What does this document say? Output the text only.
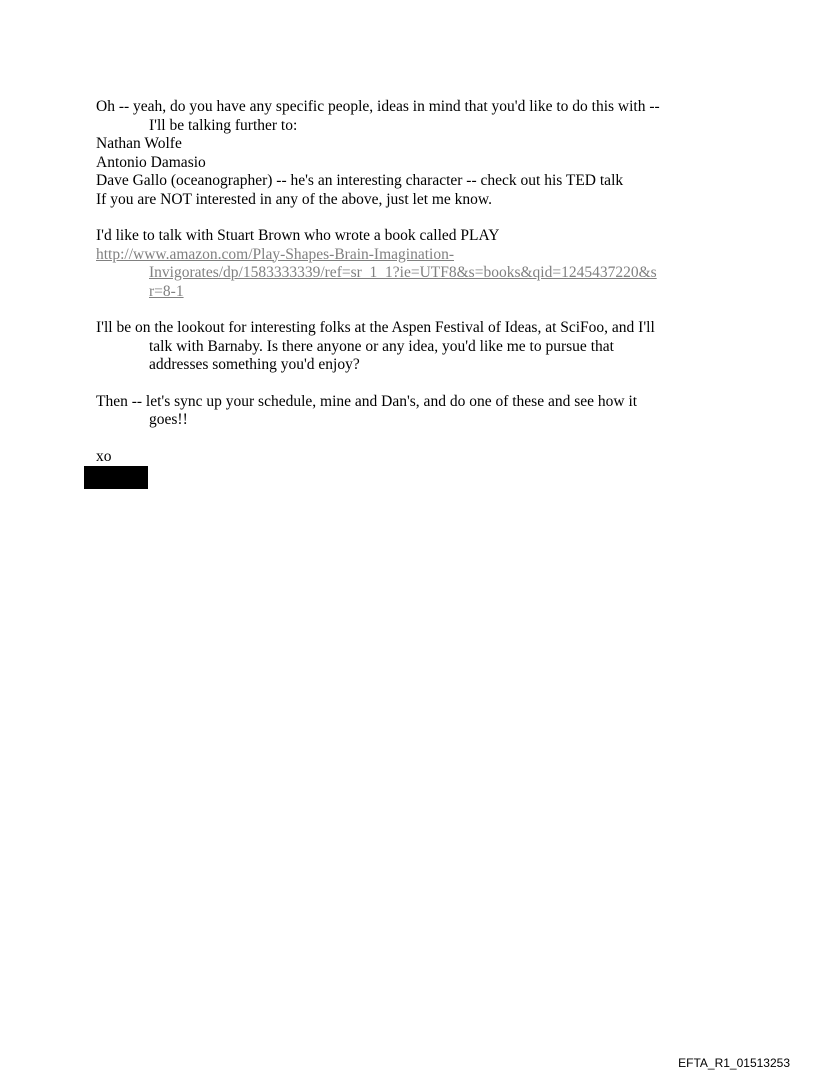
Oh -- yeah, do you have any specific people, ideas in mind that you'd like to do this with --
I'll be talking further to:
Nathan Wolfe
Antonio Damasio
Dave Gallo (oceanographer) -- he's an interesting character -- check out his TED talk
If you are NOT interested in any of the above, just let me know.
I'd like to talk with Stuart Brown who wrote a book called PLAY
http://www.amazon.com/Play-Shapes-Brain-Imagination-
Invigorates/dp/1583333339/ref=sr_1_1?ie=UTF8&s=books&qid=1245437220&s
r=8-1
I'll be on the lookout for interesting folks at the Aspen Festival of Ideas, at SciFoo, and I'll
talk with Barnaby. Is there anyone or any idea, you'd like me to pursue that
addresses something you'd enjoy?
Then -- let's sync up your schedule, mine and Dan's, and do one of these and see how it
goes!!
xo
EFTA_R1_01513253
